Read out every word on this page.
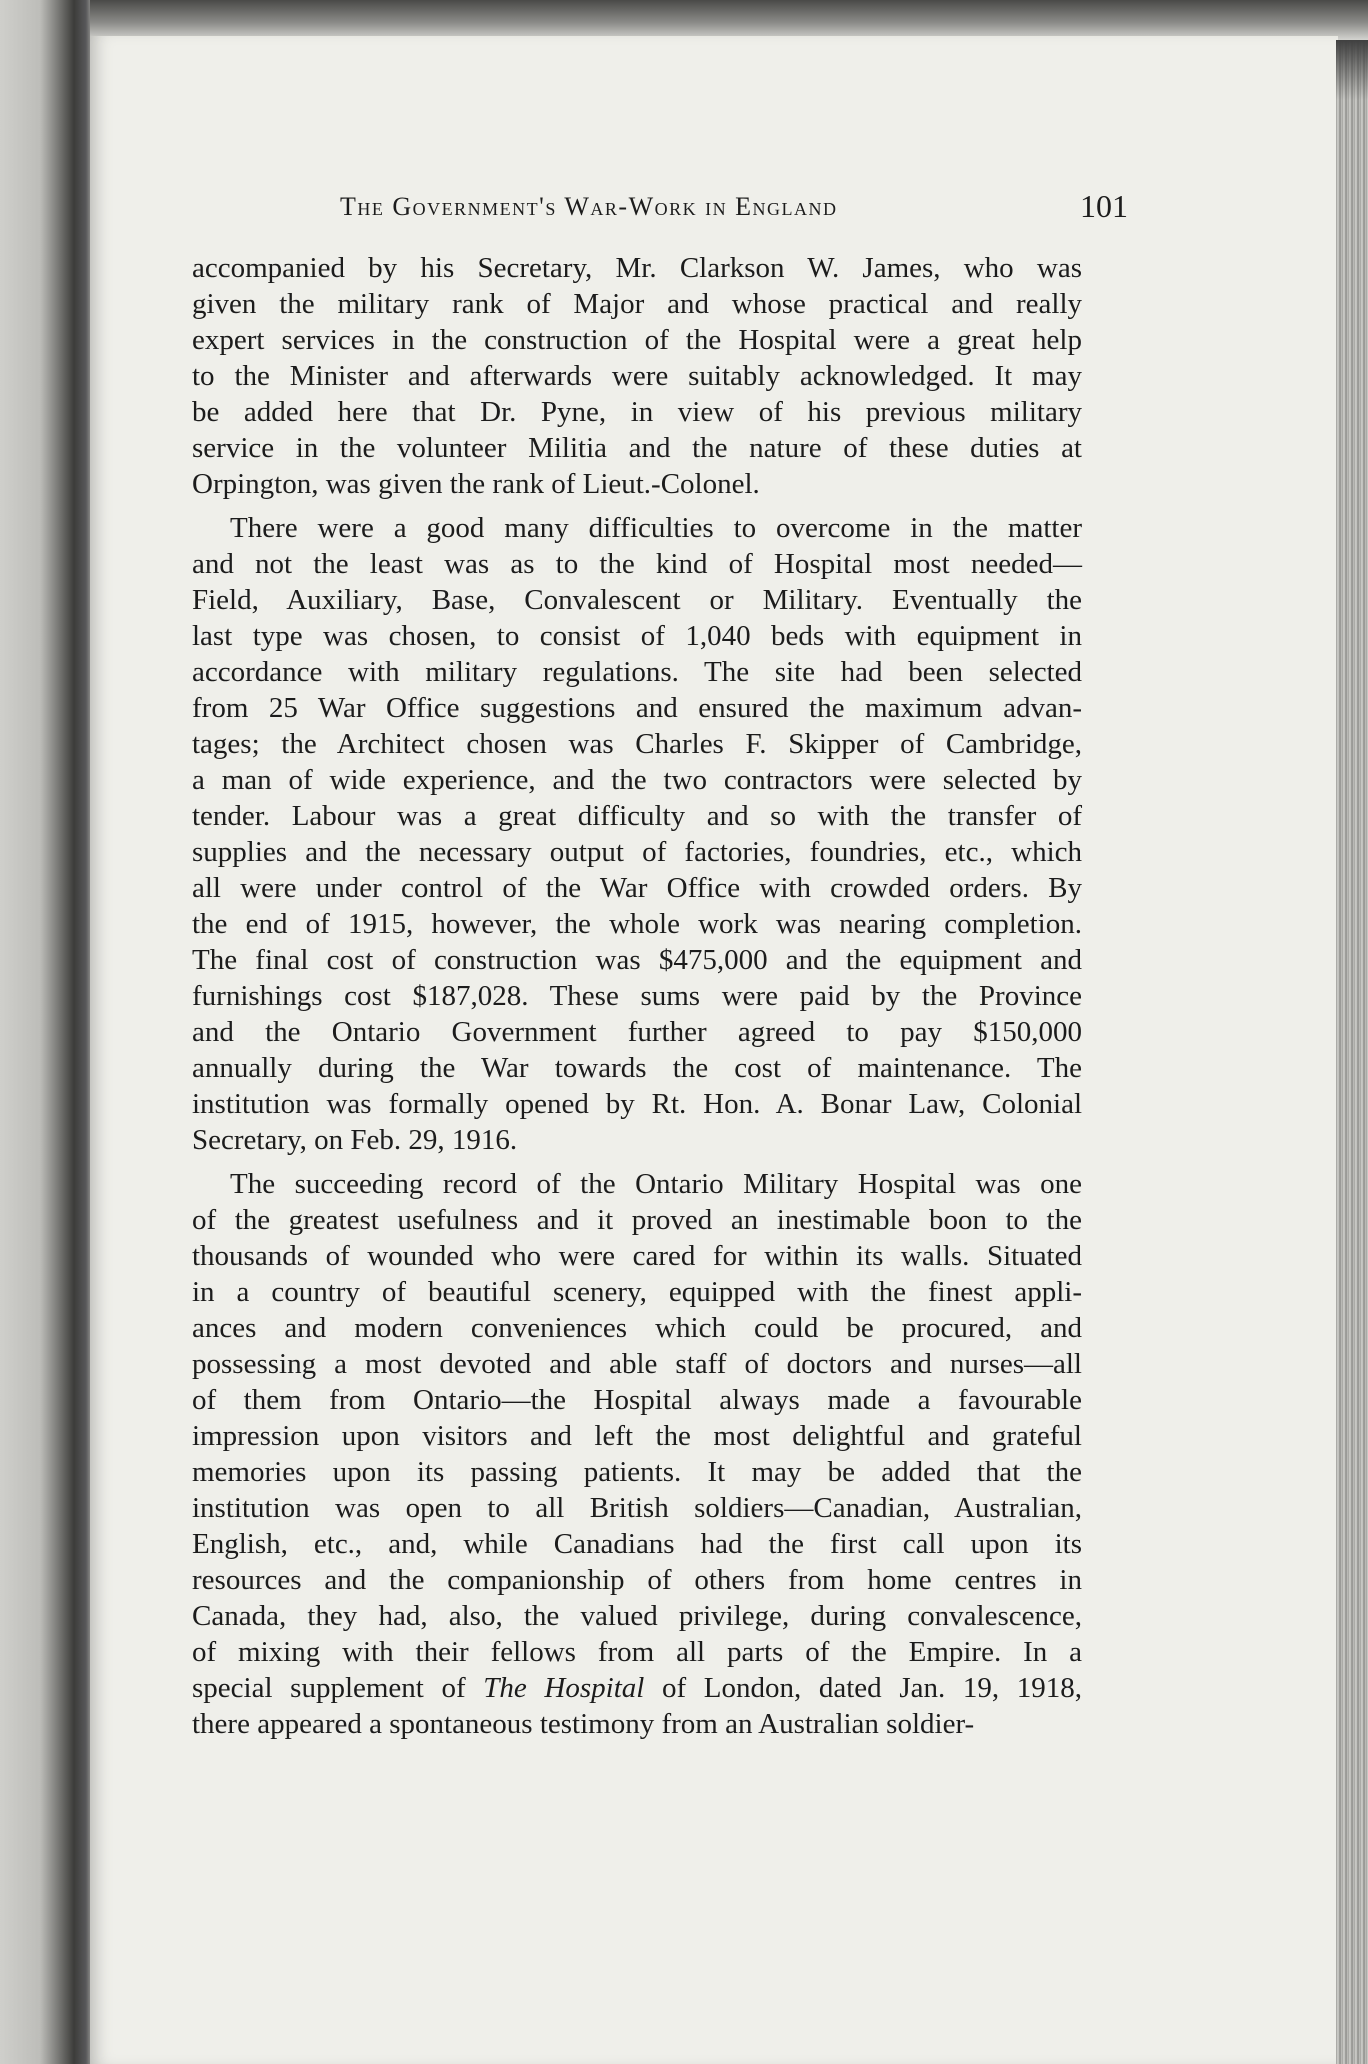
The Government's War-Work in England	101
accompanied by his Secretary, Mr. Clarkson W. James, who was
given the military rank of Major and whose practical and really
expert services in the construction of the Hospital were a great help
to the Minister and afterwards were suitably acknowledged. It may
be added here that Dr. Pyne, in view of his previous military
service in the volunteer Militia and the nature of these duties at
Orpington, was given the rank of Lieut.-Colonel.
There were a good many difficulties to overcome in the matter
and not the least was as to the kind of Hospital most needed—
Field, Auxiliary, Base, Convalescent or Military. Eventually the
last type was chosen, to consist of 1,040 beds with equipment in
accordance with military regulations. The site had been selected
from 25 War Office suggestions and ensured the maximum advan-
tages; the Architect chosen was Charles F. Skipper of Cambridge,
a man of wide experience, and the two contractors were selected by
tender. Labour was a great difficulty and so with the transfer of
supplies and the necessary output of factories, foundries, etc., which
all were under control of the War Office with crowded orders. By
the end of 1915, however, the whole work was nearing completion.
The final cost of construction was $475,000 and the equipment and
furnishings cost $187,028. These sums were paid by the Province
and the Ontario Government further agreed to pay $150,000
annually during the War towards the cost of maintenance. The
institution was formally opened by Rt. Hon. A. Bonar Law, Colonial
Secretary, on Feb. 29, 1916.
The succeeding record of the Ontario Military Hospital was one
of the greatest usefulness and it proved an inestimable boon to the
thousands of wounded who were cared for within its walls. Situated
in a country of beautiful scenery, equipped with the finest appli-
ances and modern conveniences which could be procured, and
possessing a most devoted and able staff of doctors and nurses—all
of them from Ontario—the Hospital always made a favourable
impression upon visitors and left the most delightful and grateful
memories upon its passing patients. It may be added that the
institution was open to all British soldiers—Canadian, Australian,
English, etc., and, while Canadians had the first call upon its
resources and the companionship of others from home centres in
Canada, they had, also, the valued privilege, during convalescence,
of mixing with their fellows from all parts of the Empire. In a
special supplement of The Hospital of London, dated Jan. 19, 1918,
there appeared a spontaneous testimony from an Australian soldier-
